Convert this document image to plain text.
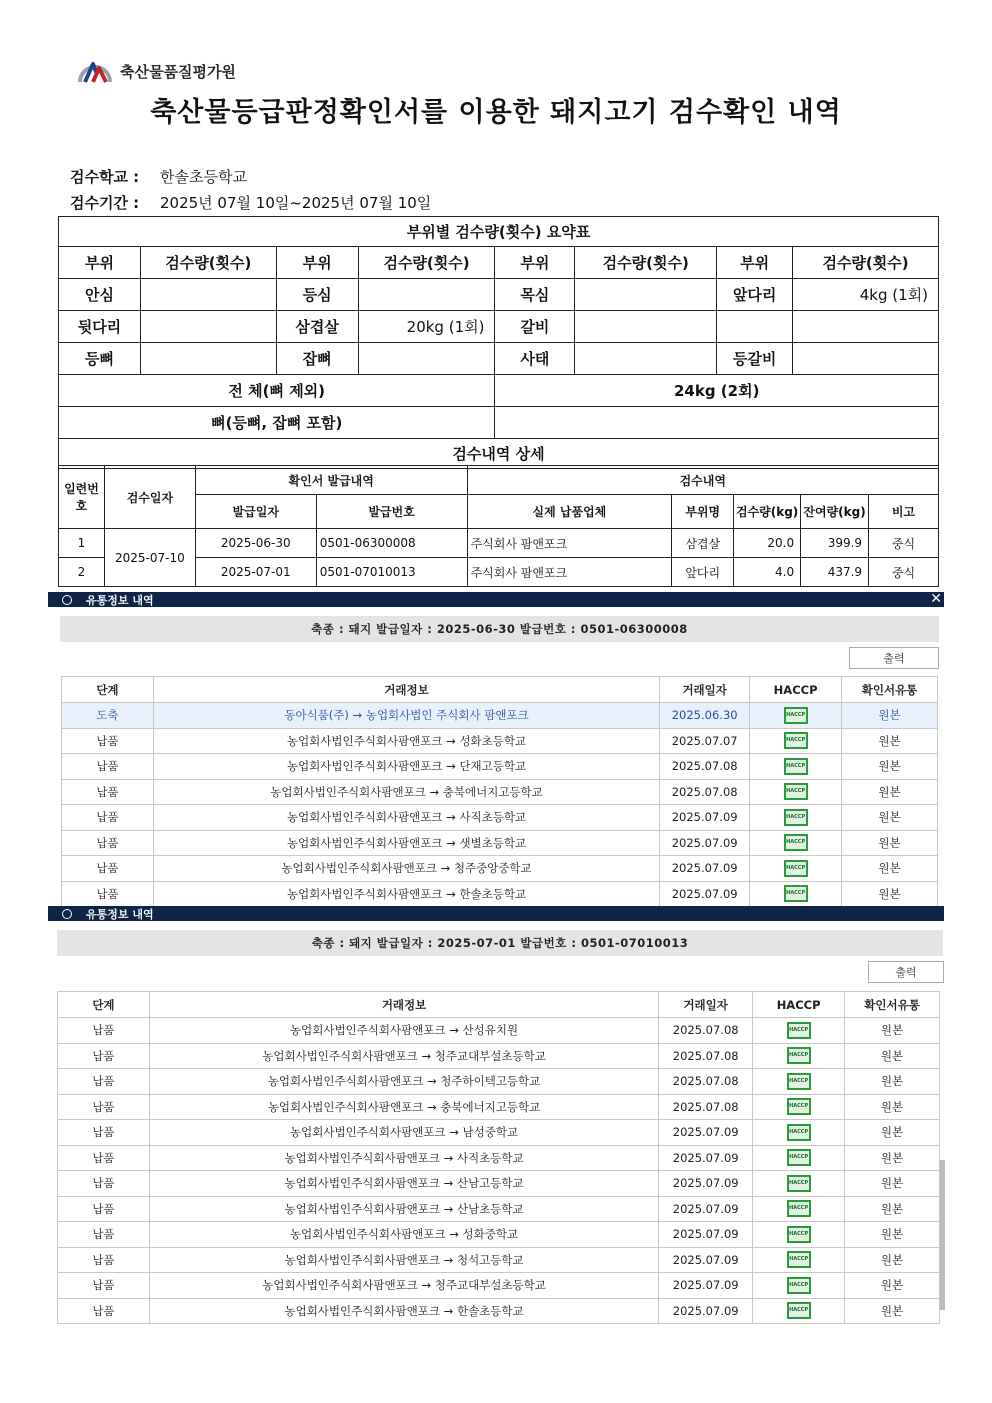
축산물품질평가원
축산물등급판정확인서를 이용한 돼지고기 검수확인 내역
검수학교 : 한솔초등학교
검수기간 : 2025년 07월 10일~2025년 07월 10일
부위별 검수량(횟수) 요약표							
부위	검수량(횟수)	부위	검수량(횟수)	부위	검수량(횟수)	부위	검수량(횟수)
안심		등심		목심		앞다리	4kg (1회)
뒷다리		삼겹살	20kg (1회)	갈비			
등뼈		잡뼈		사태		등갈비	
전 체(뼈 제외)				24kg (2회)			
뼈(등뼈, 잡뼈 포함)							
검수내역 상세							
일련번호	검수일자	확인서 발급내역		검수내역				
		발급일자	발급번호	실제 납품업체	부위명	검수량(kg)	잔여량(kg)	비고
1	2025-07-10	2025-06-30	0501-06300008	주식회사 팜앤포크	삼겹살	20.0	399.9	중식
2		2025-07-01	0501-07010013	주식회사 팜앤포크	앞다리	4.0	437.9	중식
유통정보 내역	✕
축종 : 돼지 발급일자 : 2025-06-30 발급번호 : 0501-06300008
출력
단계	거래정보	거래일자	HACCP	확인서유통
도축	동아식품(주) → 농업회사법인 주식회사 팜앤포크	2025.06.30	HACCP	원본
납품	농업회사법인주식회사팜앤포크 → 성화초등학교	2025.07.07	HACCP	원본
납품	농업회사법인주식회사팜앤포크 → 단재고등학교	2025.07.08	HACCP	원본
납품	농업회사법인주식회사팜앤포크 → 충북에너지고등학교	2025.07.08	HACCP	원본
납품	농업회사법인주식회사팜앤포크 → 사직초등학교	2025.07.09	HACCP	원본
납품	농업회사법인주식회사팜앤포크 → 샛별초등학교	2025.07.09	HACCP	원본
납품	농업회사법인주식회사팜앤포크 → 청주중앙중학교	2025.07.09	HACCP	원본
납품	농업회사법인주식회사팜앤포크 → 한솔초등학교	2025.07.09	HACCP	원본
유통정보 내역
축종 : 돼지 발급일자 : 2025-07-01 발급번호 : 0501-07010013
출력
단계	거래정보	거래일자	HACCP	확인서유통
납품	농업회사법인주식회사팜앤포크 → 산성유치원	2025.07.08	HACCP	원본
납품	농업회사법인주식회사팜앤포크 → 청주교대부설초등학교	2025.07.08	HACCP	원본
납품	농업회사법인주식회사팜앤포크 → 청주하이텍고등학교	2025.07.08	HACCP	원본
납품	농업회사법인주식회사팜앤포크 → 충북에너지고등학교	2025.07.08	HACCP	원본
납품	농업회사법인주식회사팜앤포크 → 남성중학교	2025.07.09	HACCP	원본
납품	농업회사법인주식회사팜앤포크 → 사직초등학교	2025.07.09	HACCP	원본
납품	농업회사법인주식회사팜앤포크 → 산남고등학교	2025.07.09	HACCP	원본
납품	농업회사법인주식회사팜앤포크 → 산남초등학교	2025.07.09	HACCP	원본
납품	농업회사법인주식회사팜앤포크 → 성화중학교	2025.07.09	HACCP	원본
납품	농업회사법인주식회사팜앤포크 → 청석고등학교	2025.07.09	HACCP	원본
납품	농업회사법인주식회사팜앤포크 → 청주교대부설초등학교	2025.07.09	HACCP	원본
납품	농업회사법인주식회사팜앤포크 → 한솔초등학교	2025.07.09	HACCP	원본
